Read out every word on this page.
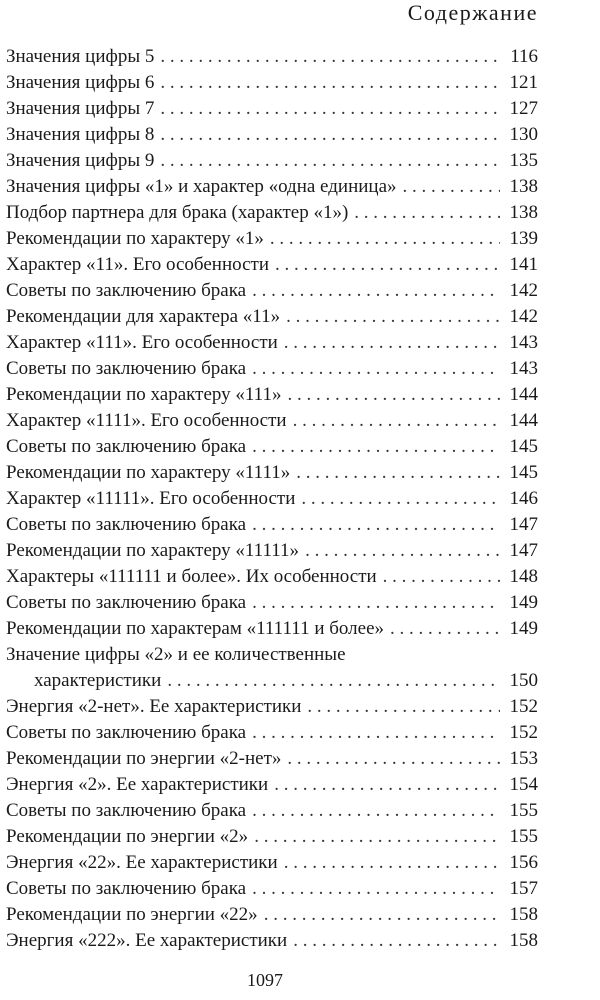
Содержание
Значения цифры 5 . . .	116
Значения цифры 6 . . .	121
Значения цифры 7 . . .	127
Значения цифры 8 . . .	130
Значения цифры 9 . . .	135
Значения цифры «1» и характер «одна единица» . . .	138
Подбор партнера для брака (характер «1») . . .	138
Рекомендации по характеру «1» . . .	139
Характер «11». Его особенности . . .	141
Советы по заключению брака . . .	142
Рекомендации для характера «11» . . .	142
Характер «111». Его особенности . . .	143
Советы по заключению брака . . .	143
Рекомендации по характеру «111» . . .	144
Характер «1111». Его особенности . . .	144
Советы по заключению брака . . .	145
Рекомендации по характеру «1111» . . .	145
Характер «11111». Его особенности . . .	146
Советы по заключению брака . . .	147
Рекомендации по характеру «11111» . . .	147
Характеры «111111 и более». Их особенности . . .	148
Советы по заключению брака . . .	149
Рекомендации по характерам «111111 и более» . . .	149
Значение цифры «2» и ее количественные
характеристики . . .	150
Энергия «2-нет». Ее характеристики . . .	152
Советы по заключению брака . . .	152
Рекомендации по энергии «2-нет» . . .	153
Энергия «2». Ее характеристики . . .	154
Советы по заключению брака . . .	155
Рекомендации по энергии «2» . . .	155
Энергия «22». Ее характеристики . . .	156
Советы по заключению брака . . .	157
Рекомендации по энергии «22» . . .	158
Энергия «222». Ее характеристики . . .	158
1097
